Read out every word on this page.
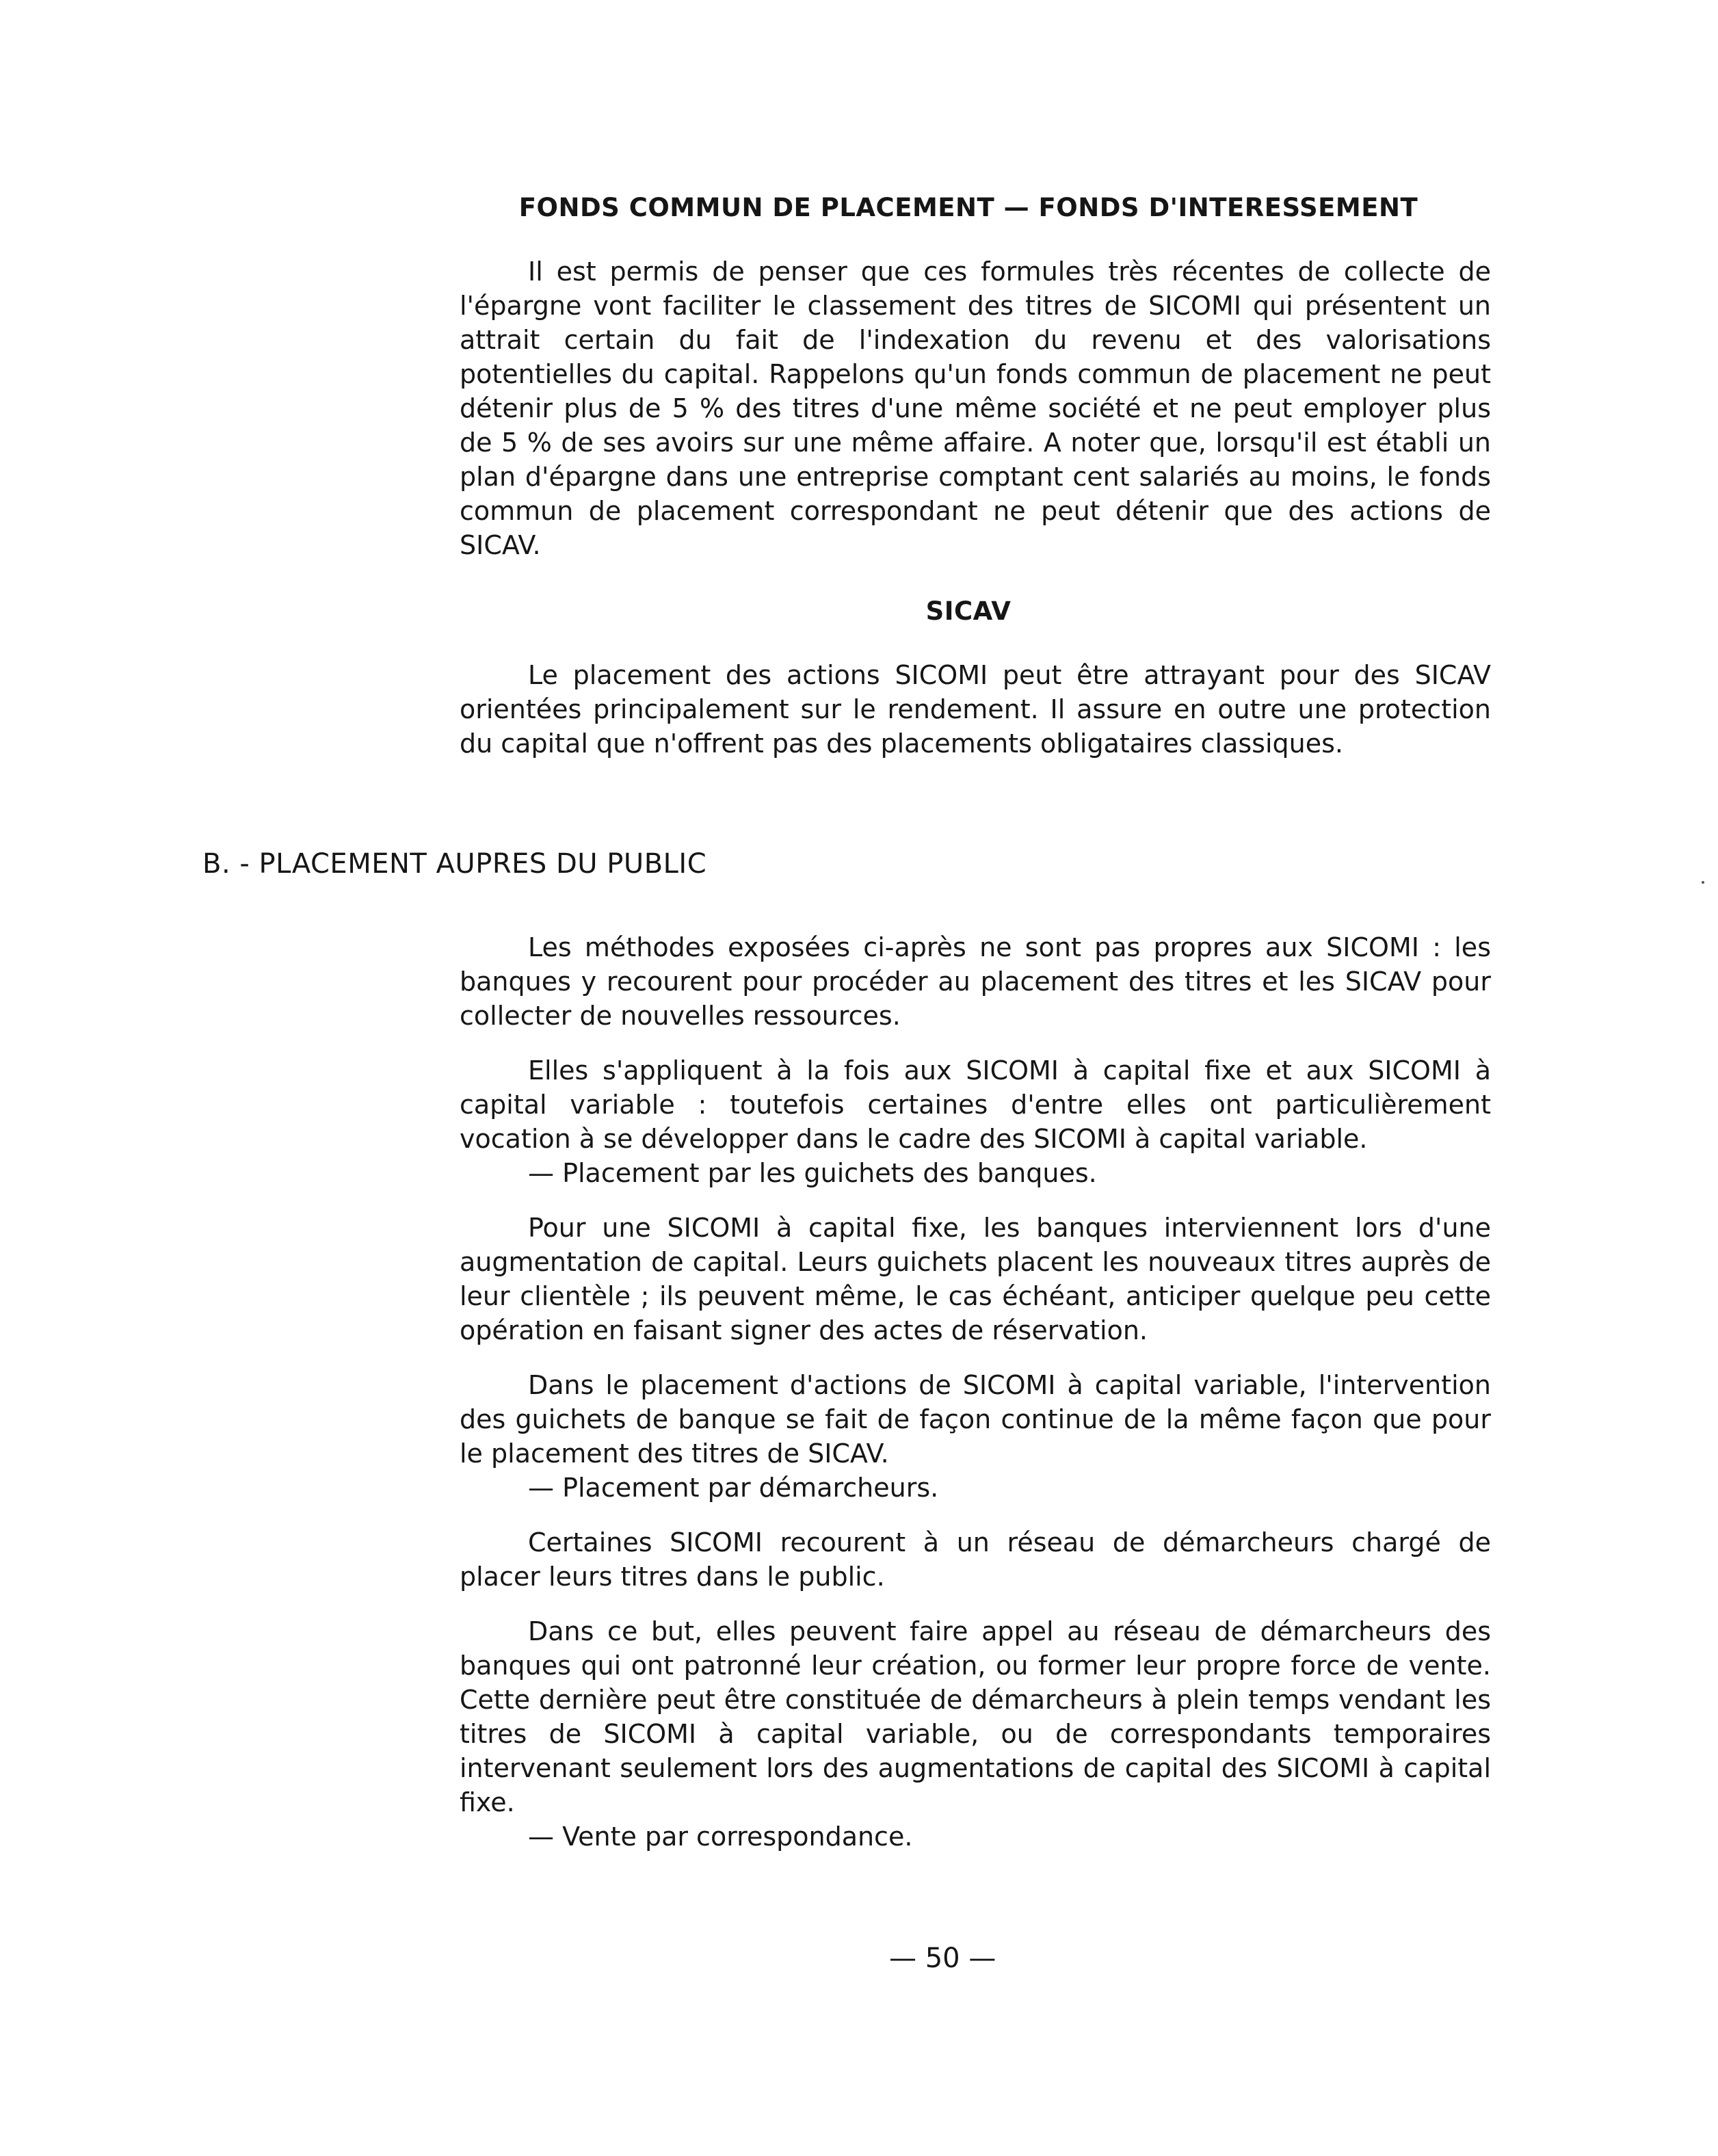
FONDS COMMUN DE PLACEMENT — FONDS D'INTERESSEMENT

Il est permis de penser que ces formules très récentes de collecte de l'épargne vont faciliter le classement des titres de SICOMI qui présentent un attrait certain du fait de l'indexation du revenu et des valorisations potentielles du capital. Rappelons qu'un fonds commun de placement ne peut détenir plus de 5 % des titres d'une même société et ne peut employer plus de 5 % de ses avoirs sur une même affaire. A noter que, lorsqu'il est établi un plan d'épargne dans une entreprise comptant cent salariés au moins, le fonds commun de placement correspondant ne peut détenir que des actions de SICAV.

SICAV

Le placement des actions SICOMI peut être attrayant pour des SICAV orientées principalement sur le rendement. Il assure en outre une protection du capital que n'offrent pas des placements obligataires classiques.

B. - PLACEMENT AUPRES DU PUBLIC

Les méthodes exposées ci-après ne sont pas propres aux SICOMI : les banques y recourent pour procéder au placement des titres et les SICAV pour collecter de nouvelles ressources.

Elles s'appliquent à la fois aux SICOMI à capital fixe et aux SICOMI à capital variable : toutefois certaines d'entre elles ont particulièrement vocation à se développer dans le cadre des SICOMI à capital variable.

— Placement par les guichets des banques.

Pour une SICOMI à capital fixe, les banques interviennent lors d'une augmentation de capital. Leurs guichets placent les nouveaux titres auprès de leur clientèle ; ils peuvent même, le cas échéant, anticiper quelque peu cette opération en faisant signer des actes de réservation.

Dans le placement d'actions de SICOMI à capital variable, l'intervention des guichets de banque se fait de façon continue de la même façon que pour le placement des titres de SICAV.

— Placement par démarcheurs.

Certaines SICOMI recourent à un réseau de démarcheurs chargé de placer leurs titres dans le public.

Dans ce but, elles peuvent faire appel au réseau de démarcheurs des banques qui ont patronné leur création, ou former leur propre force de vente. Cette dernière peut être constituée de démarcheurs à plein temps vendant les titres de SICOMI à capital variable, ou de correspondants temporaires intervenant seulement lors des augmentations de capital des SICOMI à capital fixe.

— Vente par correspondance.

— 50 —
